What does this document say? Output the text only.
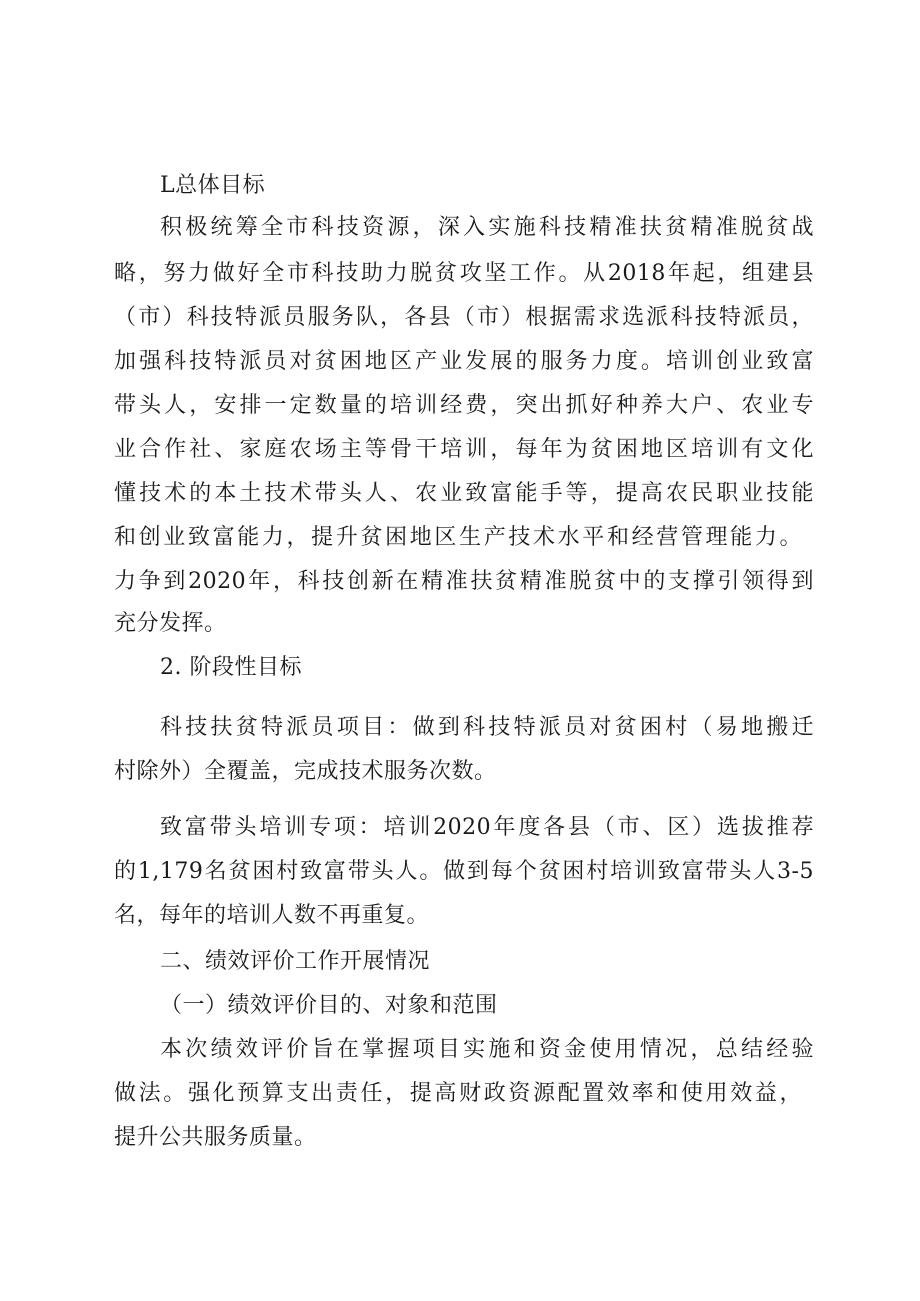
L总体目标
积极统筹全市科技资源，深入实施科技精准扶贫精准脱贫战
略，努力做好全市科技助力脱贫攻坚工作。从2018年起，组建县
（市）科技特派员服务队，各县（市）根据需求选派科技特派员，
加强科技特派员对贫困地区产业发展的服务力度。培训创业致富
带头人，安排一定数量的培训经费，突出抓好种养大户、农业专
业合作社、家庭农场主等骨干培训，每年为贫困地区培训有文化
懂技术的本土技术带头人、农业致富能手等，提高农民职业技能
和创业致富能力，提升贫困地区生产技术水平和经营管理能力。
力争到2020年，科技创新在精准扶贫精准脱贫中的支撑引领得到
充分发挥。
2. 阶段性目标
科技扶贫特派员项目：做到科技特派员对贫困村（易地搬迁
村除外）全覆盖，完成技术服务次数。
致富带头培训专项：培训2020年度各县（市、区）选拔推荐
的1,179名贫困村致富带头人。做到每个贫困村培训致富带头人3-5
名，每年的培训人数不再重复。
二、绩效评价工作开展情况
（一）绩效评价目的、对象和范围
本次绩效评价旨在掌握项目实施和资金使用情况，总结经验
做法。强化预算支出责任，提高财政资源配置效率和使用效益，
提升公共服务质量。
